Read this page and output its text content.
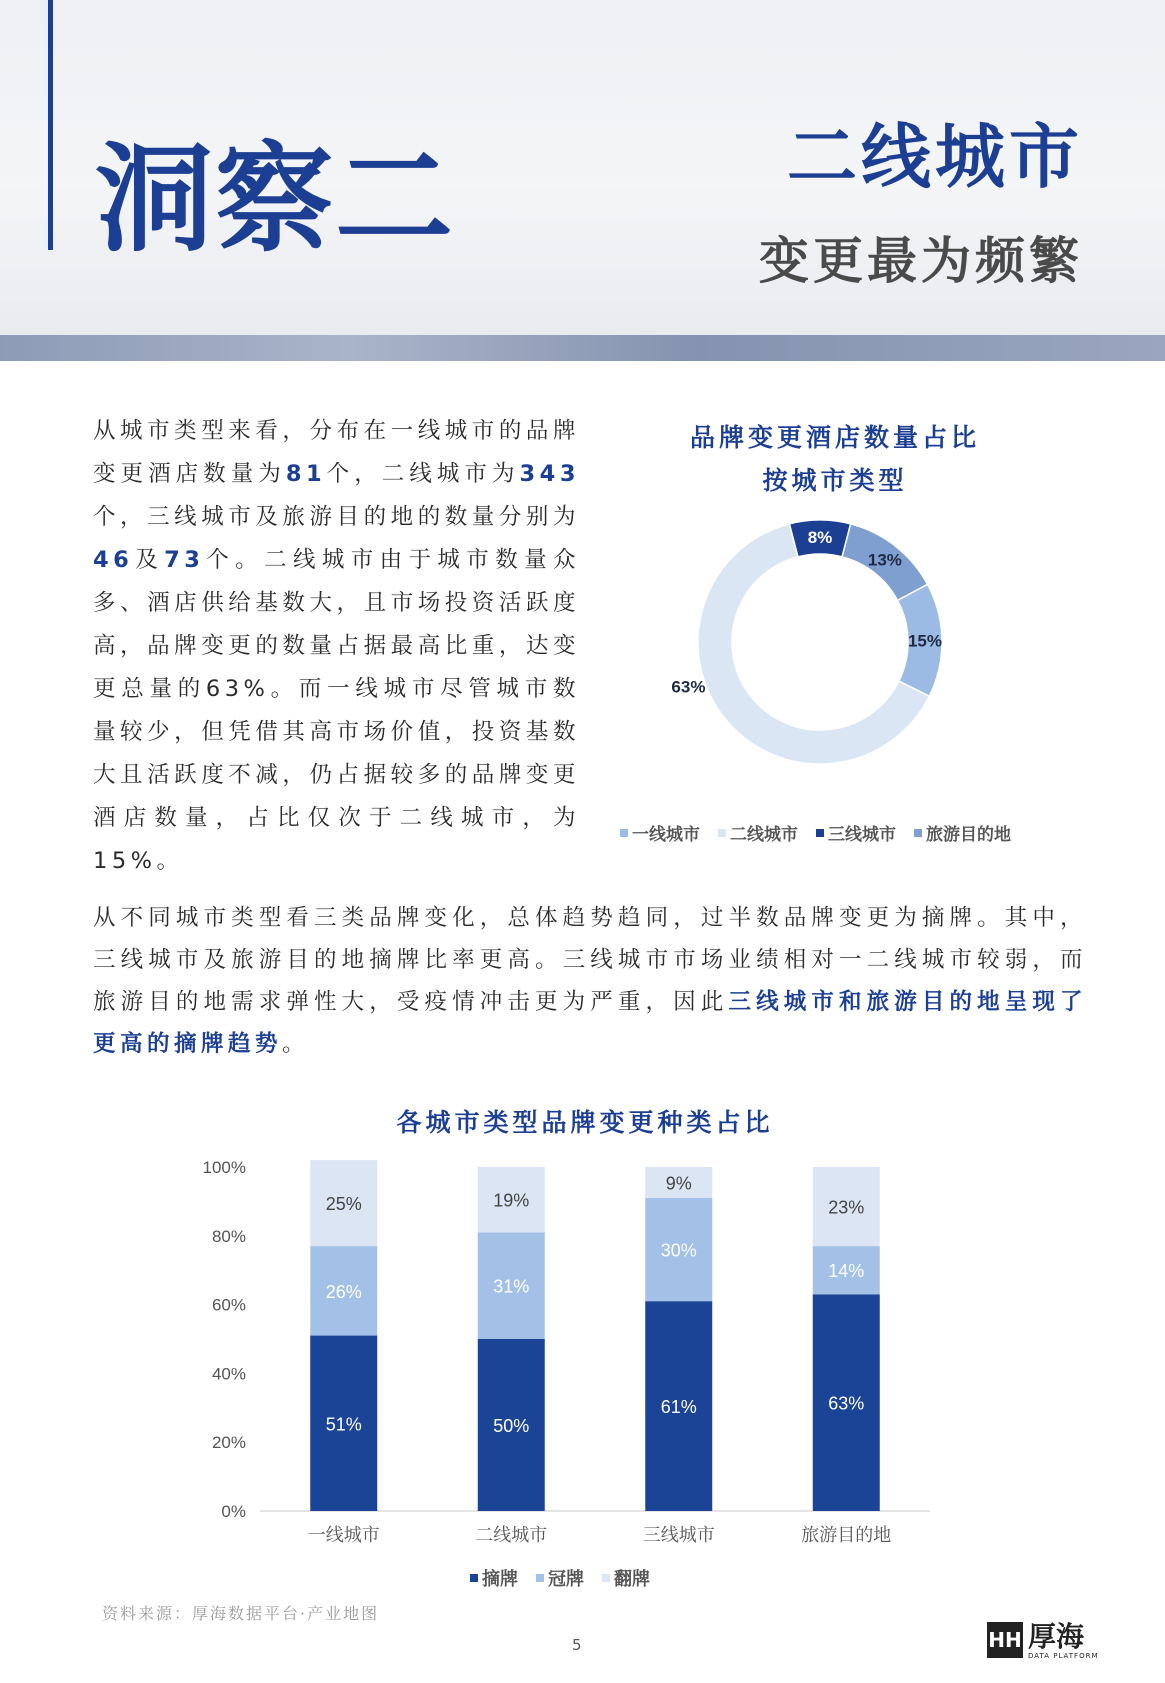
洞察二	二线城市
变更最为频繁

从城市类型来看，分布在一线城市的品牌变更酒店数量为81个，二线城市为343个，三线城市及旅游目的地的数量分别为46及73个。二线城市由于城市数量众多、酒店供给基数大，且市场投资活跃度高，品牌变更的数量占据最高比重，达变更总量的63%。而一线城市尽管城市数量较少，但凭借其高市场价值，投资基数大且活跃度不减，仍占据较多的品牌变更酒店数量，占比仅次于二线城市，为15%。

品牌变更酒店数量占比
按城市类型
8%
13%
15%
63%
一线城市 二线城市 三线城市 旅游目的地

从不同城市类型看三类品牌变化，总体趋势趋同，过半数品牌变更为摘牌。其中，三线城市及旅游目的地摘牌比率更高。三线城市市场业绩相对一二线城市较弱，而旅游目的地需求弹性大，受疫情冲击更为严重，因此三线城市和旅游目的地呈现了更高的摘牌趋势。

各城市类型品牌变更种类占比
0%
20%
40%
60%
80%
100%
51%
26%
25%
一线城市
50%
31%
19%
二线城市
61%
30%
9%
三线城市
63%
14%
23%
旅游目的地
摘牌 冠牌 翻牌

资料来源：厚海数据平台·产业地图

5	HH 厚海
DATA PLATFORM
